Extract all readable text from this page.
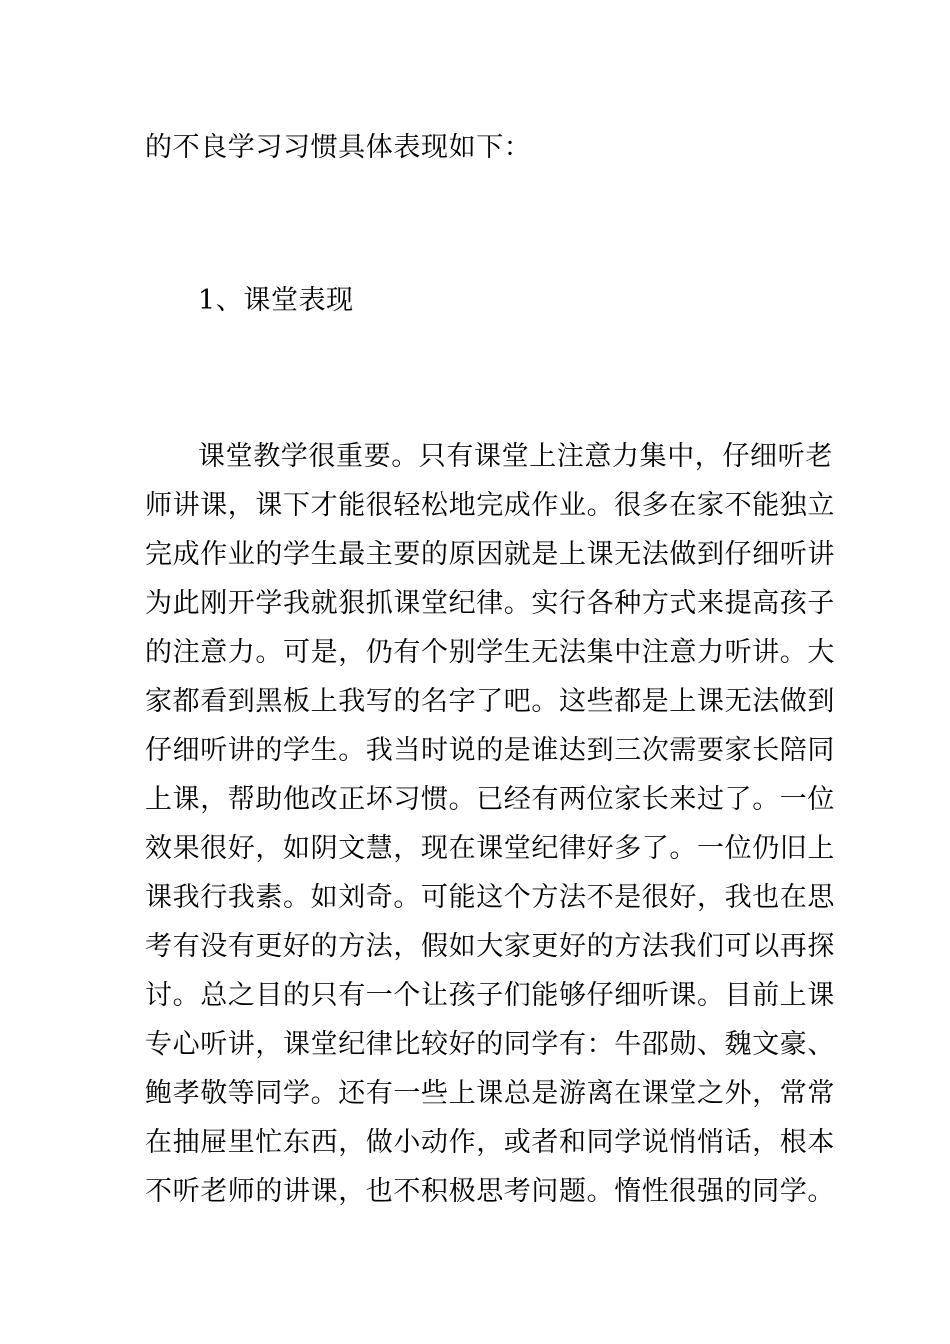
的不良学习习惯具体表现如下：
1、课堂表现
课堂教学很重要。只有课堂上注意力集中，仔细听老
师讲课，课下才能很轻松地完成作业。很多在家不能独立
完成作业的学生最主要的原因就是上课无法做到仔细听讲
为此刚开学我就狠抓课堂纪律。实行各种方式来提高孩子
的注意力。可是，仍有个别学生无法集中注意力听讲。大
家都看到黑板上我写的名字了吧。这些都是上课无法做到
仔细听讲的学生。我当时说的是谁达到三次需要家长陪同
上课，帮助他改正坏习惯。已经有两位家长来过了。一位
效果很好，如阴文慧，现在课堂纪律好多了。一位仍旧上
课我行我素。如刘奇。可能这个方法不是很好，我也在思
考有没有更好的方法，假如大家更好的方法我们可以再探
讨。总之目的只有一个让孩子们能够仔细听课。目前上课
专心听讲，课堂纪律比较好的同学有：牛邵勋、魏文豪、
鲍孝敬等同学。还有一些上课总是游离在课堂之外，常常
在抽屉里忙东西，做小动作，或者和同学说悄悄话，根本
不听老师的讲课，也不积极思考问题。惰性很强的同学。
